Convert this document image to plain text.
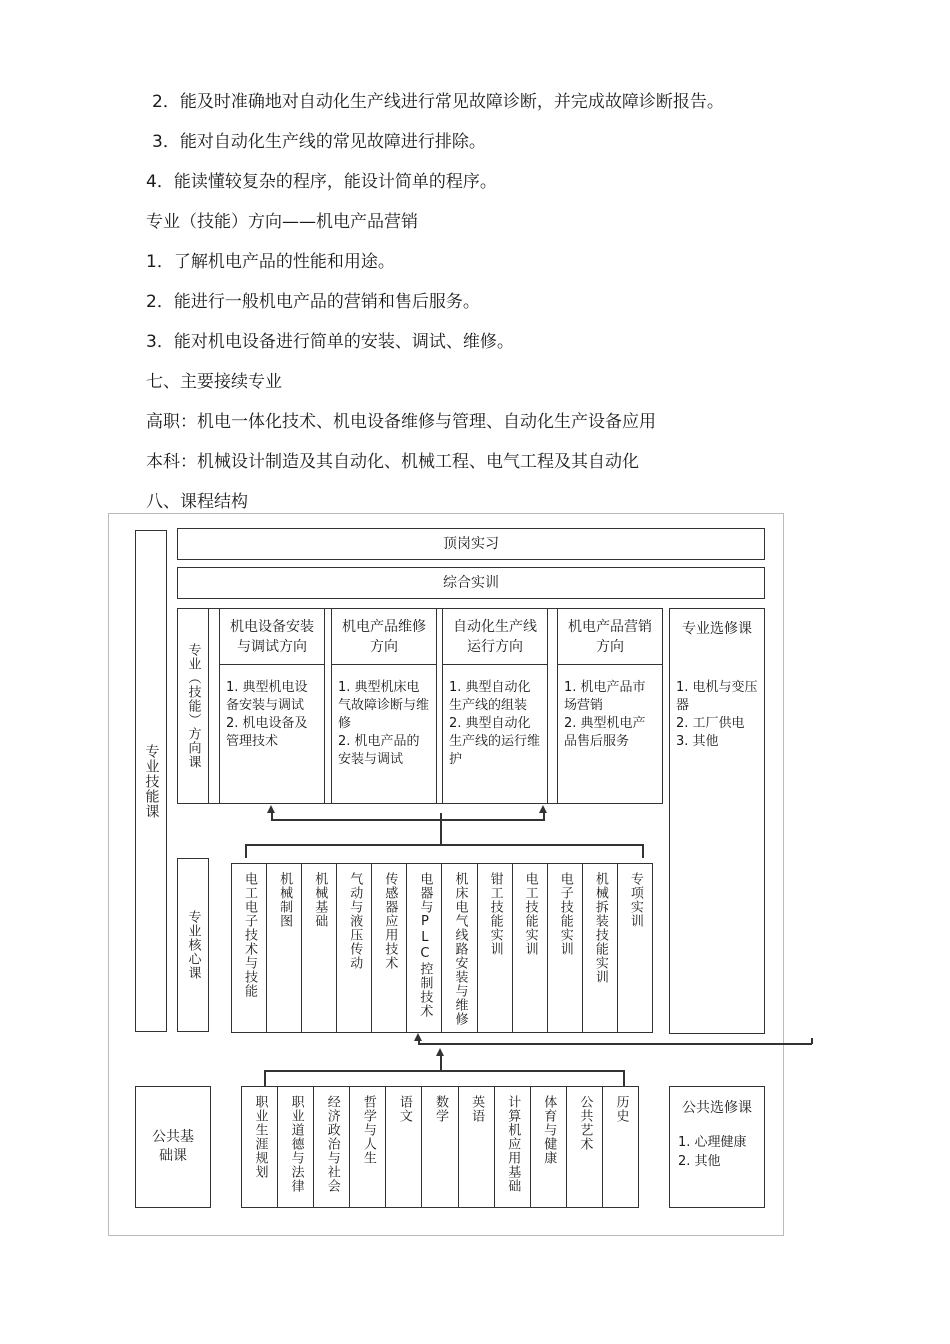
2．能及时准确地对自动化生产线进行常见故障诊断，并完成故障诊断报告。
3．能对自动化生产线的常见故障进行排除。
4．能读懂较复杂的程序，能设计简单的程序。
专业（技能）方向——机电产品营销
1．了解机电产品的性能和用途。
2．能进行一般机电产品的营销和售后服务。
3．能对机电设备进行简单的安装、调试、维修。
七、主要接续专业
高职：机电一体化技术、机电设备维修与管理、自动化生产设备应用
本科：机械设计制造及其自动化、机械工程、电气工程及其自动化
八、课程结构
专业技能课
顶岗实习
综合实训
专业（技能）方向课
机电设备安装与调试方向
1. 典型机电设备安装与调试
2. 机电设备及管理技术
机电产品维修方向
1. 典型机床电气故障诊断与维修
2. 机电产品的安装与调试
自动化生产线运行方向
1. 典型自动化生产线的组装
2. 典型自动化生产线的运行维护
机电产品营销方向
1. 机电产品市场营销
2. 典型机电产品售后服务
专业选修课
1. 电机与变压器
2. 工厂供电
3. 其他
专业核心课	电工电子技术与技能 机械制图 机械基础 气动与液压传动 传感器应用技术 电器与PLC控制技术 机床电气线路安装与维修 钳工技能实训 电工技能实训 电子技能实训 机械拆装技能实训 专项实训
公共基础课	职业生涯规划 职业道德与法律 经济政治与社会 哲学与人生 语文 数学 英语 计算机应用基础 体育与健康 公共艺术 历史	公共选修课
1. 心理健康
2. 其他
